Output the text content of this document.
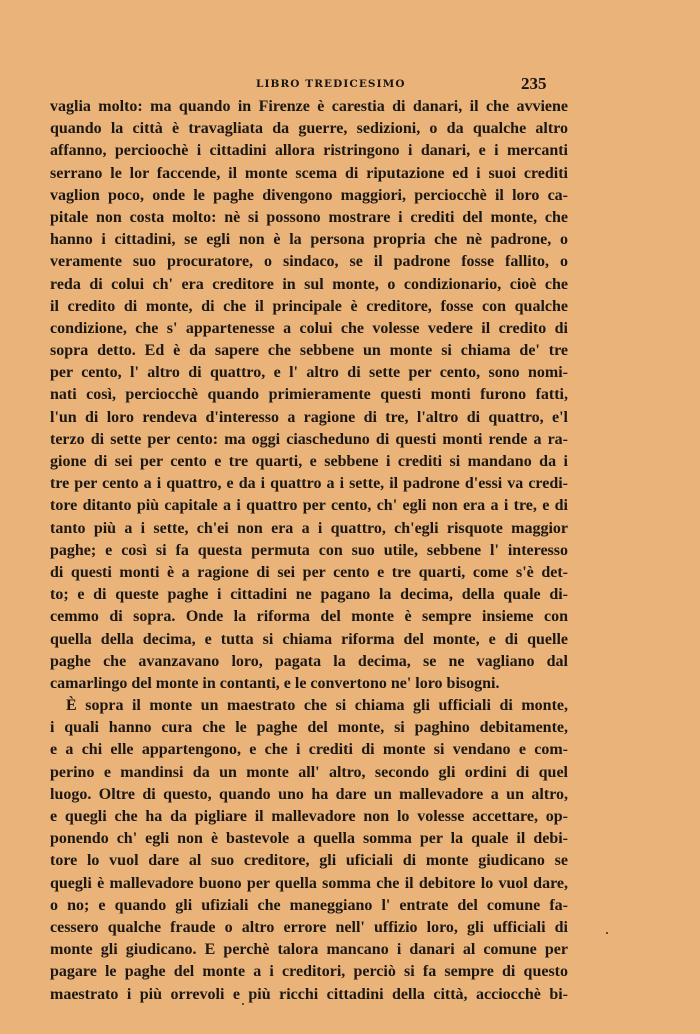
LIBRO TREDICESIMO	235
vaglia molto: ma quando in Firenze è carestia di danari, il che avviene
quando la città è travagliata da guerre, sedizioni, o da qualche altro
affanno, percioochè i cittadini allora ristringono i danari, e i mercanti
serrano le lor faccende, il monte scema di riputazione ed i suoi crediti
vaglion poco, onde le paghe divengono maggiori, perciocchè il loro ca-
pitale non costa molto: nè si possono mostrare i crediti del monte, che
hanno i cittadini, se egli non è la persona propria che nè padrone, o
veramente suo procuratore, o sindaco, se il padrone fosse fallito, o
reda di colui ch' era creditore in sul monte, o condizionario, cioè che
il credito di monte, di che il principale è creditore, fosse con qualche
condizione, che s' appartenesse a colui che volesse vedere il credito di
sopra detto. Ed è da sapere che sebbene un monte si chiama de' tre
per cento, l' altro di quattro, e l' altro di sette per cento, sono nomi-
nati così, perciocchè quando primieramente questi monti furono fatti,
l'un di loro rendeva d'interesso a ragione di tre, l'altro di quattro, e'l
terzo di sette per cento: ma oggi ciascheduno di questi monti rende a ra-
gione di sei per cento e tre quarti, e sebbene i crediti si mandano da i
tre per cento a i quattro, e da i quattro a i sette, il padrone d'essi va credi-
tore ditanto più capitale a i quattro per cento, ch' egli non era a i tre, e di
tanto più a i sette, ch'ei non era a i quattro, ch'egli risquote maggior
paghe; e così si fa questa permuta con suo utile, sebbene l' interesso
di questi monti è a ragione di sei per cento e tre quarti, come s'è det-
to; e di queste paghe i cittadini ne pagano la decima, della quale di-
cemmo di sopra. Onde la riforma del monte è sempre insieme con
quella della decima, e tutta si chiama riforma del monte, e di quelle
paghe che avanzavano loro, pagata la decima, se ne vagliano dal
camarlingo del monte in contanti, e le convertono ne' loro bisogni.
È sopra il monte un maestrato che si chiama gli ufficiali di monte,
i quali hanno cura che le paghe del monte, si paghino debitamente,
e a chi elle appartengono, e che i crediti di monte si vendano e com-
perino e mandinsi da un monte all' altro, secondo gli ordini di quel
luogo. Oltre di questo, quando uno ha dare un mallevadore a un altro,
e quegli che ha da pigliare il mallevadore non lo volesse accettare, op-
ponendo ch' egli non è bastevole a quella somma per la quale il debi-
tore lo vuol dare al suo creditore, gli uficiali di monte giudicano se
quegli è mallevadore buono per quella somma che il debitore lo vuol dare,
o no; e quando gli ufiziali che maneggiano l' entrate del comune fa-
cessero qualche fraude o altro errore nell' uffizio loro, gli ufficiali di
monte gli giudicano. E perchè talora mancano i danari al comune per
pagare le paghe del monte a i creditori, perciò si fa sempre di questo
maestrato i più orrevoli e più ricchi cittadini della città, acciocchè bi-
